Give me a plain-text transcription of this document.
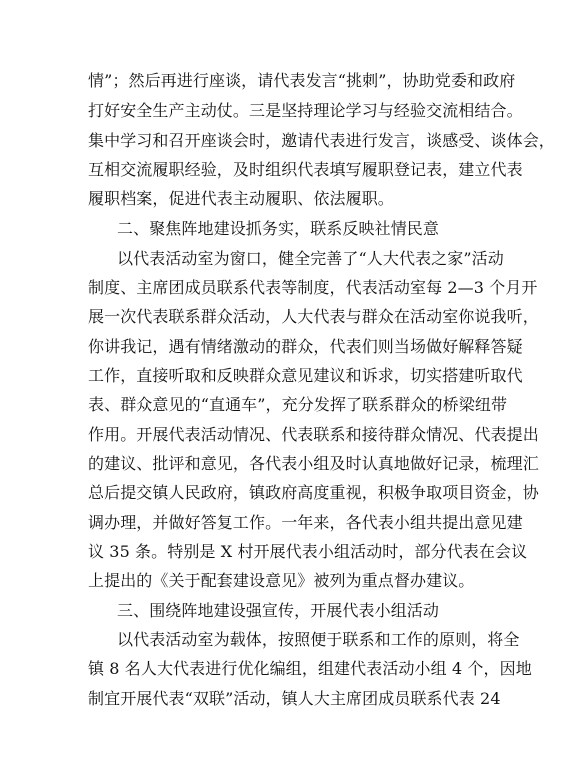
情”；然后再进行座谈，请代表发言“挑刺”，协助党委和政府
打好安全生产主动仗。三是坚持理论学习与经验交流相结合。
集中学习和召开座谈会时，邀请代表进行发言，谈感受、谈体会，
互相交流履职经验，及时组织代表填写履职登记表，建立代表
履职档案，促进代表主动履职、依法履职。
二、聚焦阵地建设抓务实，联系反映社情民意
以代表活动室为窗口，健全完善了“人大代表之家”活动
制度、主席团成员联系代表等制度，代表活动室每 2—3 个月开
展一次代表联系群众活动，人大代表与群众在活动室你说我听，
你讲我记，遇有情绪激动的群众，代表们则当场做好解释答疑
工作，直接听取和反映群众意见建议和诉求，切实搭建听取代
表、群众意见的“直通车”，充分发挥了联系群众的桥梁纽带
作用。开展代表活动情况、代表联系和接待群众情况、代表提出
的建议、批评和意见，各代表小组及时认真地做好记录，梳理汇
总后提交镇人民政府，镇政府高度重视，积极争取项目资金，协
调办理，并做好答复工作。一年来，各代表小组共提出意见建
议 35 条。特别是 X 村开展代表小组活动时，部分代表在会议
上提出的《关于配套建设意见》被列为重点督办建议。
三、围绕阵地建设强宣传，开展代表小组活动
以代表活动室为载体，按照便于联系和工作的原则，将全
镇 8 名人大代表进行优化编组，组建代表活动小组 4 个，因地
制宜开展代表“双联”活动，镇人大主席团成员联系代表 24
